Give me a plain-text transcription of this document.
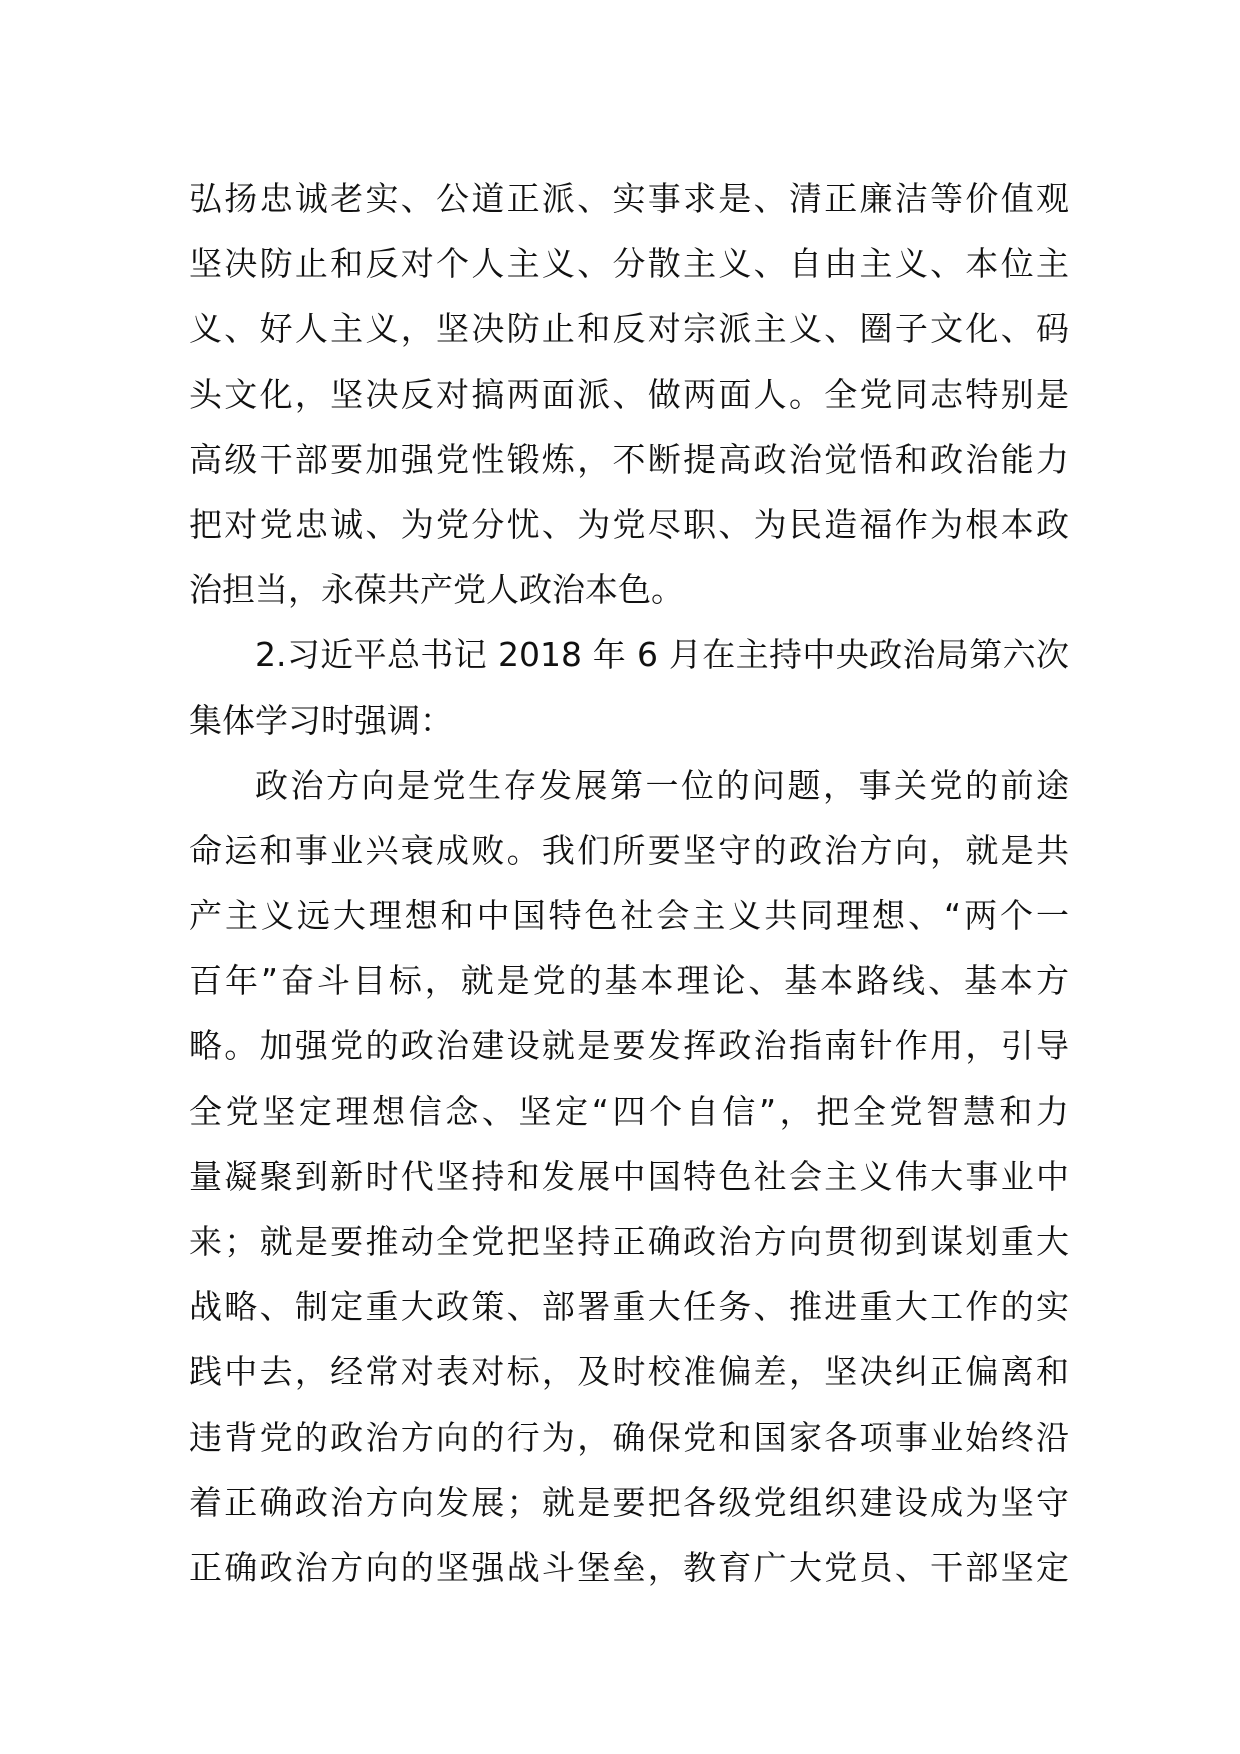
弘扬忠诚老实、公道正派、实事求是、清正廉洁等价值观
坚决防止和反对个人主义、分散主义、自由主义、本位主
义、好人主义，坚决防止和反对宗派主义、圈子文化、码
头文化，坚决反对搞两面派、做两面人。全党同志特别是
高级干部要加强党性锻炼，不断提高政治觉悟和政治能力
把对党忠诚、为党分忧、为党尽职、为民造福作为根本政
治担当，永葆共产党人政治本色。
2.习近平总书记 2018 年 6 月在主持中央政治局第六次
集体学习时强调：
政治方向是党生存发展第一位的问题，事关党的前途
命运和事业兴衰成败。我们所要坚守的政治方向，就是共
产主义远大理想和中国特色社会主义共同理想、“两个一
百年”奋斗目标，就是党的基本理论、基本路线、基本方
略。加强党的政治建设就是要发挥政治指南针作用，引导
全党坚定理想信念、坚定“四个自信”，把全党智慧和力
量凝聚到新时代坚持和发展中国特色社会主义伟大事业中
来；就是要推动全党把坚持正确政治方向贯彻到谋划重大
战略、制定重大政策、部署重大任务、推进重大工作的实
践中去，经常对表对标，及时校准偏差，坚决纠正偏离和
违背党的政治方向的行为，确保党和国家各项事业始终沿
着正确政治方向发展；就是要把各级党组织建设成为坚守
正确政治方向的坚强战斗堡垒，教育广大党员、干部坚定
